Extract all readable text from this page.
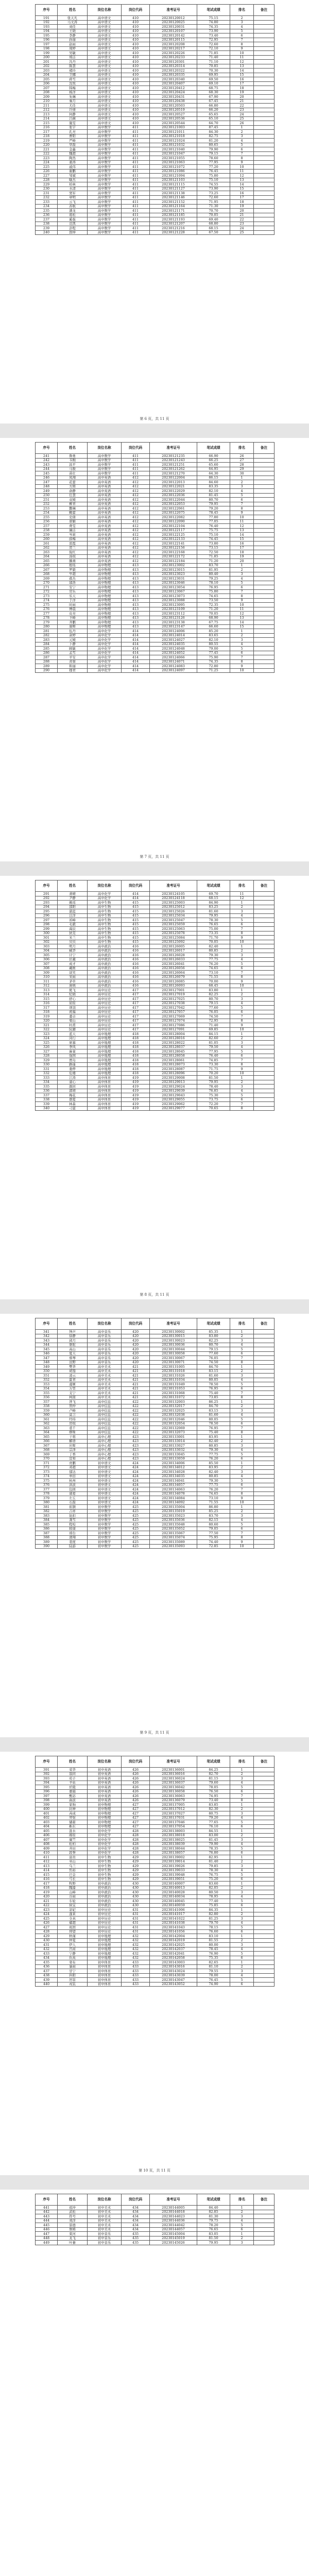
序号	姓名	岗位名称	岗位代码	准考证号	笔试成绩	排名	备注
191	张天凡	高中语文	410	20230120012	75.15	2	
192	马文涛	高中语文	410	20230120025	74.80	3	
193	刘佳	高中语文	410	20230120031	74.35	4	
194	王晓	高中语文	410	20230120107	73.90	5	
195	李静	高中语文	410	20230120142	73.40	6	
196	孙丽	高中语文	410	20230120115	72.95	7	
197	赵雨	高中语文	410	20230120208	72.60	8	
198	周婷	高中语文	410	20230120217	72.10	9	
199	吴敏	高中语文	410	20230120226	71.85	10	
200	郑洁	高中语文	410	20230120233	71.40	11	
201	冯丹	高中语文	410	20230120301	71.10	12	
202	陈慧	高中语文	410	20230120314	70.85	13	
203	褚玲	高中语文	410	20230120322	70.30	14	
204	卫娜	高中语文	410	20230120335	69.95	15	
205	蒋雪	高中语文	410	20230120340	69.50	16	
206	沈悦	高中语文	410	20230120407	69.10	17	
207	韩梅	高中语文	410	20230120412	68.75	18	
208	杨洋	高中语文	410	20230120424	68.30	19	
209	朱琳	高中语文	410	20230120431	67.90	20	
210	秦月	高中语文	410	20230120438	67.45	21	
211	尤佳	高中语文	410	20230120503	66.80	22	
212	许倩	高中语文	410	20230120519	66.20	23	
213	何静	高中语文	410	20230120527	65.65	24	
214	吕薇	高中语文	410	20230120536	65.10	25	
215	施雯	高中语文	410	20230120544	64.70	26	
216	张宇	高中数学	411	20230121003	87.45	1	
217	孔亮	高中数学	411	20230121011	84.30	2	
218	曹阳	高中数学	411	20230121018	82.75	3	
219	严峰	高中数学	411	20230121024	81.20	4	
220	华磊	高中数学	411	20230121032	80.65	5	
221	金鑫	高中数学	411	20230121040	79.90	6	
222	魏超	高中数学	411	20230121047	79.15	7	
223	陶然	高中数学	411	20230121055	78.60	8	
224	姜涛	高中数学	411	20230121063	77.95	9	
225	戚伟	高中数学	411	20230121072	77.20	10	
226	谢鹏	高中数学	411	20230121086	76.45	11	
227	邹斌	高中数学	411	20230121094	75.80	12	
228	喻杰	高中数学	411	20230121103	75.10	13	
229	柏林	高中数学	411	20230121115	74.55	14	
230	水清	高中数学	411	20230121127	73.90	15	
231	窦军	高中数学	411	20230121138	73.25	16	
232	章明	高中数学	411	20230121146	72.60	17	
233	云飞	高中数学	411	20230121152	71.95	18	
234	苏航	高中数学	411	20230121164	71.30	19	
235	潘龙	高中数学	411	20230121171	70.70	20	
236	葛松	高中数学	411	20230121185	70.05	21	
237	奚强	高中数学	411	20230121193	69.40	22	
238	范凯	高中数学	411	20230121207	68.80	23	
239	彭程	高中数学	411	20230121216	68.15	24	
240	郎坤	高中数学	411	20230121228	67.50	25	
第 6 页，共 11 页
序号	姓名	岗位名称	岗位代码	准考证号	笔试成绩	排名	备注
241	鲁勇	高中数学	411	20230121235	66.90	26	
242	韦刚	高中数学	411	20230121243	66.25	27	
243	昌平	高中数学	411	20230121251	65.60	28	
244	马骏	高中数学	411	20230121262	64.95	29	
245	苗壮	高中数学	411	20230121270	64.30	30	
246	凤翔	高中英语	412	20230122004	86.15	1	
247	花蕾	高中英语	412	20230122013	84.60	2	
248	方圆	高中英语	412	20230122021	83.35	3	
249	俞静	高中英语	412	20230122029	82.10	4	
250	任慧	高中英语	412	20230122036	81.45	5	
251	袁媛	高中英语	412	20230122044	80.70	6	
252	柳青	高中英语	412	20230122053	79.95	7	
253	酆琳	高中英语	412	20230122061	79.20	8	
254	鲍蕾	高中英语	412	20230122075	78.45	9	
255	史倩	高中英语	412	20230122082	77.80	10	
256	唐颖	高中英语	412	20230122090	77.05	11	
257	费雯	高中英语	412	20230122104	76.40	12	
258	廉洁	高中英语	412	20230122117	75.75	13	
259	岑莉	高中英语	412	20230122125	75.10	14	
260	薛梅	高中英语	412	20230122133	74.45	15	
261	雷霞	高中英语	412	20230122141	73.80	16	
262	贺兰	高中英语	412	20230122156	73.15	17	
263	倪红	高中英语	412	20230122168	72.50	18	
264	汤琪	高中英语	412	20230122172	71.85	19	
265	滕燕	高中英语	412	20230122184	71.20	20	
266	殷瑶	高中物理	413	20230123002	83.70	1	
267	罗毅	高中物理	413	20230123015	81.95	2	
268	毕超	高中物理	413	20230123023	80.40	3	
269	郝杰	高中物理	413	20230123031	79.25	4	
270	邬浩	高中物理	413	20230123046	78.10	5	
271	安宁	高中物理	413	20230123054	76.95	6	
272	常乐	高中物理	413	20230123067	75.80	7	
273	乐天	高中物理	413	20230123073	74.65	8	
274	于洋	高中物理	413	20230123088	73.50	9	
275	时雨	高中物理	413	20230123095	72.35	10	
276	傅晨	高中物理	413	20230123109	71.20	11	
277	皮亮	高中物理	413	20230123112	70.05	12	
278	卞峰	高中物理	413	20230123126	68.90	13	
279	齐鹏	高中物理	413	20230123138	67.75	14	
280	康辉	高中物理	413	20230123147	66.60	15	
281	伍丹	高中化学	414	20230124006	85.20	1	
282	余婷	高中化学	414	20230124014	83.65	2	
283	元媛	高中化学	414	20230124027	82.10	3	
284	卜静	高中化学	414	20230124035	80.55	4	
285	顾敏	高中化学	414	20230124048	79.00	5	
286	孟雪	高中化学	414	20230124052	77.45	6	
287	平安	高中化学	414	20230124066	75.90	7	
288	黄蓉	高中化学	414	20230124071	74.35	8	
289	和丽	高中化学	414	20230124083	72.80	9	
290	穆青	高中化学	414	20230124097	71.25	10	
第 7 页，共 11 页
序号	姓名	岗位名称	岗位代码	准考证号	笔试成绩	排名	备注
291	萧晴	高中化学	414	20230124105	69.70	11	
292	尹静	高中化学	414	20230124118	68.15	12	
293	姚瑶	高中生物	415	20230125003	84.90	1	
294	邵阳	高中生物	415	20230125012	83.25	2	
295	湛蓝	高中生物	415	20230125026	81.60	3	
296	汪洋	高中生物	415	20230125034	79.95	4	
297	祁峰	高中生物	415	20230125047	78.30	5	
298	毛毅	高中生物	415	20230125059	76.65	6	
299	禹辰	高中生物	415	20230125063	75.00	7	
300	狄克	高中生物	415	20230125078	73.35	8	
301	米兰	高中生物	415	20230125084	71.70	9	
302	贝贝	高中生物	415	20230125092	70.05	10	
303	明月	高中政治	416	20230126005	82.40	1	
304	臧华	高中政治	416	20230126017	80.85	2	
305	计宁	高中政治	416	20230126028	79.30	3	
306	伏羲	高中政治	416	20230126033	77.75	4	
307	成才	高中政治	416	20230126041	76.20	5	
308	戴维	高中政治	416	20230126056	74.65	6	
309	谈笑	高中政治	416	20230126064	73.10	7	
310	宋雨	高中政治	416	20230126079	71.55	8	
311	茅草	高中政治	416	20230126085	70.00	9	
312	庞统	高中政治	416	20230126093	68.45	10	
313	熊飞	高中历史	417	20230127001	83.80	1	
314	纪晓	高中历史	417	20230127019	82.25	2	
315	舒心	高中历史	417	20230127025	80.70	3	
316	屈原	高中历史	417	20230127038	79.15	4	
317	项羽	高中历史	417	20230127042	77.60	5	
318	祝福	高中历史	417	20230127057	76.05	6	
319	董卓	高中历史	417	20230127069	74.50	7	
320	梁山	高中历史	417	20230127074	72.95	8	
321	杜甫	高中历史	417	20230127086	71.40	9	
322	阮籍	高中历史	417	20230127091	69.85	10	
323	蓝天	高中地理	418	20230128004	84.15	1	
324	闵行	高中地理	418	20230128016	82.60	2	
325	席慕	高中地理	418	20230128022	81.05	3	
326	季风	高中地理	418	20230128037	79.50	4	
327	麻雀	高中地理	418	20230128045	77.95	5	
328	强国	高中地理	418	20230128058	76.40	6	
329	贾岛	高中地理	418	20230128061	74.85	7	
330	路遥	高中地理	418	20230128073	73.30	8	
331	娄烨	高中地理	418	20230128087	71.75	9	
332	危楼	高中地理	418	20230128096	70.20	10	
333	江涛	高中体育	419	20230129008	81.50	1	
334	童心	高中体育	419	20230129013	79.95	2	
335	颜回	高中体育	419	20230129024	78.40	3	
336	郭靖	高中体育	419	20230129039	76.85	4	
337	梅花	高中体育	419	20230129043	75.30	5	
338	盛夏	高中体育	419	20230129055	73.75	6	
339	林森	高中体育	419	20230129062	72.20	7	
340	刁蛮	高中体育	419	20230129077	70.65	8	
第 8 页，共 11 页
序号	姓名	岗位名称	岗位代码	准考证号	笔试成绩	排名	备注
341	钟声	高中音乐	420	20230130002	85.35	1	
342	徐静	高中音乐	420	20230130015	83.80	2	
343	邱月	高中音乐	420	20230130023	82.25	3	
344	骆驼	高中音乐	420	20230130036	80.70	4	
345	高山	高中音乐	420	20230130044	79.15	5	
346	夏天	高中音乐	420	20230130058	77.60	6	
347	蔡琴	高中音乐	420	20230130067	76.05	7	
348	田野	高中音乐	420	20230130071	74.50	8	
349	樊华	高中美术	421	20230131005	84.70	1	
350	胡笳	高中美术	421	20230131018	83.15	2	
351	凌云	高中美术	421	20230131026	81.60	3	
352	霍青	高中美术	421	20230131034	80.05	4	
353	虞姬	高中美术	421	20230131049	78.50	5	
354	万里	高中美术	421	20230131053	76.95	6	
355	支宁	高中美术	421	20230131068	75.40	7	
356	柯南	高中美术	421	20230131072	73.85	8	
357	昝飞	高中信息	422	20230132003	86.25	1	
358	管仲	高中信息	422	20230132017	84.70	2	
359	卢峰	高中信息	422	20230132025	83.15	3	
360	莫言	高中信息	422	20230132038	81.60	4	
361	经纬	高中信息	422	20230132046	80.05	5	
362	房琪	高中信息	422	20230132054	78.50	6	
363	裘千	高中信息	422	20230132069	76.95	7	
364	缪斯	高中信息	422	20230132073	75.40	8	
365	干将	高中心理	423	20230133001	83.95	1	
366	解语	高中心理	423	20230133014	82.40	2	
367	应晖	高中心理	423	20230133027	80.85	3	
368	宗泽	高中心理	423	20230133032	79.30	4	
369	丁香	高中心理	423	20230133045	77.75	5	
370	宣和	高中心理	423	20230133059	76.20	6	
371	贲鹏	初中语文	424	20230134006	85.50	1	
372	邓超	初中语文	424	20230134012	83.95	2	
373	郁达	初中语文	424	20230134028	82.40	3	
374	单田	初中语文	424	20230134035	80.85	4	
375	杭州	初中语文	424	20230134041	79.30	5	
376	洪波	初中语文	424	20230134057	77.75	6	
377	包拯	初中语文	424	20230134063	76.20	7	
378	诸葛	初中语文	424	20230134078	74.65	8	
379	左丘	初中语文	424	20230134084	73.10	9	
380	石磊	初中语文	424	20230134092	71.55	10	
381	崔颢	初中数学	425	20230135004	86.80	1	
382	吉祥	初中数学	425	20230135019	85.25	2	
383	钮扣	初中数学	425	20230135023	83.70	3	
384	龚雪	初中数学	425	20230135036	82.15	4	
385	程咬	初中数学	425	20230135048	80.60	5	
386	嵇康	初中数学	425	20230135052	79.05	6	
387	邢台	初中数学	425	20230135067	77.50	7	
388	滑翔	初中数学	425	20230135074	75.95	8	
389	裴度	初中数学	425	20230135089	74.40	9	
390	陆游	初中数学	425	20230135093	72.85	10	
第 9 页，共 11 页
序号	姓名	岗位名称	岗位代码	准考证号	笔试成绩	排名	备注
391	荣华	初中英语	426	20230136001	84.25	1	
392	翁同	初中英语	426	20230136016	82.70	2	
393	荀子	初中英语	426	20230136024	81.15	3	
394	羊祜	初中英语	426	20230136037	79.60	4	
395	於陵	初中英语	426	20230136042	78.05	5	
396	惠施	初中英语	426	20230136058	76.50	6	
397	甄宓	初中英语	426	20230136063	74.95	7	
398	曲波	初中英语	426	20230136079	73.40	8	
399	家驹	初中物理	427	20230137005	83.85	1	
400	封神	初中物理	427	20230137012	82.30	2	
401	芮成	初中物理	427	20230137027	80.75	3	
402	羿射	初中物理	427	20230137031	79.20	4	
403	储蓄	初中物理	427	20230137046	77.65	5	
404	靳东	初中物理	427	20230137054	76.10	6	
405	汲水	初中化学	428	20230138003	84.55	1	
406	邴原	初中化学	428	20230138018	83.00	2	
407	糜竺	初中化学	428	20230138025	81.45	3	
408	松柏	初中化学	428	20230138039	79.90	4	
409	井田	初中化学	428	20230138044	78.35	5	
410	段誉	初中化学	428	20230138057	76.80	6	
411	富贵	初中生物	429	20230139002	82.95	1	
412	巫山	初中生物	429	20230139014	81.40	2	
413	乌兰	初中生物	429	20230139026	79.85	3	
414	焦裕	初中生物	429	20230139033	78.30	4	
415	巴金	初中生物	429	20230139048	76.75	5	
416	弓长	初中生物	429	20230139051	75.20	6	
417	牧野	初中政治	430	20230140007	83.60	1	
418	隗嚣	初中政治	430	20230140013	82.05	2	
419	山峰	初中政治	430	20230140028	80.50	3	
420	谷雨	初中政治	430	20230140034	78.95	4	
421	车轮	初中政治	430	20230140045	77.40	5	
422	侯宝	初中政治	430	20230140059	75.85	6	
423	宓妃	初中历史	431	20230141006	84.35	1	
424	蓬莱	初中历史	431	20230141017	82.80	2	
425	全真	初中历史	431	20230141022	81.25	3	
426	郗超	初中历史	431	20230141038	79.70	4	
427	班固	初中历史	431	20230141043	78.15	5	
428	仰望	初中历史	431	20230141056	76.60	6	
429	秋瑾	初中地理	432	20230142004	83.10	1	
430	仲夏	初中地理	432	20230142019	81.55	2	
431	伊人	初中地理	432	20230142025	80.00	3	
432	宫商	初中地理	432	20230142037	78.45	4	
433	宁静	初中地理	432	20230142041	76.90	5	
434	仇英	初中地理	432	20230142058	75.35	6	
435	栾布	初中体育	433	20230143003	82.65	1	
436	暴雨	初中体育	433	20230143016	81.10	2	
437	甘宁	初中体育	433	20230143024	79.55	3	
438	钭阳	初中体育	433	20230143039	78.00	4	
439	厉害	初中体育	433	20230143047	76.45	5	
440	戎装	初中体育	433	20230143052	74.90	6	
第 10 页，共 11 页
序号	姓名	岗位名称	岗位代码	准考证号	笔试成绩	排名	备注
441	祖冲	初中美术	434	20230144005	84.40	1	
442	武松	初中美术	434	20230144018	82.85	2	
443	符号	初中美术	434	20230144023	81.30	3	
444	刘洋	初中美术	434	20230144036	79.75	4	
445	景德	初中美术	434	20230144042	78.20	5	
446	詹姆	初中美术	434	20230144057	76.65	6	
447	束河	初中音乐	435	20230145004	83.05	1	
448	龙飞	初中音乐	435	20230145019	81.50	2	
449	叶蓁	初中音乐	435	20230145026	79.95	3	
